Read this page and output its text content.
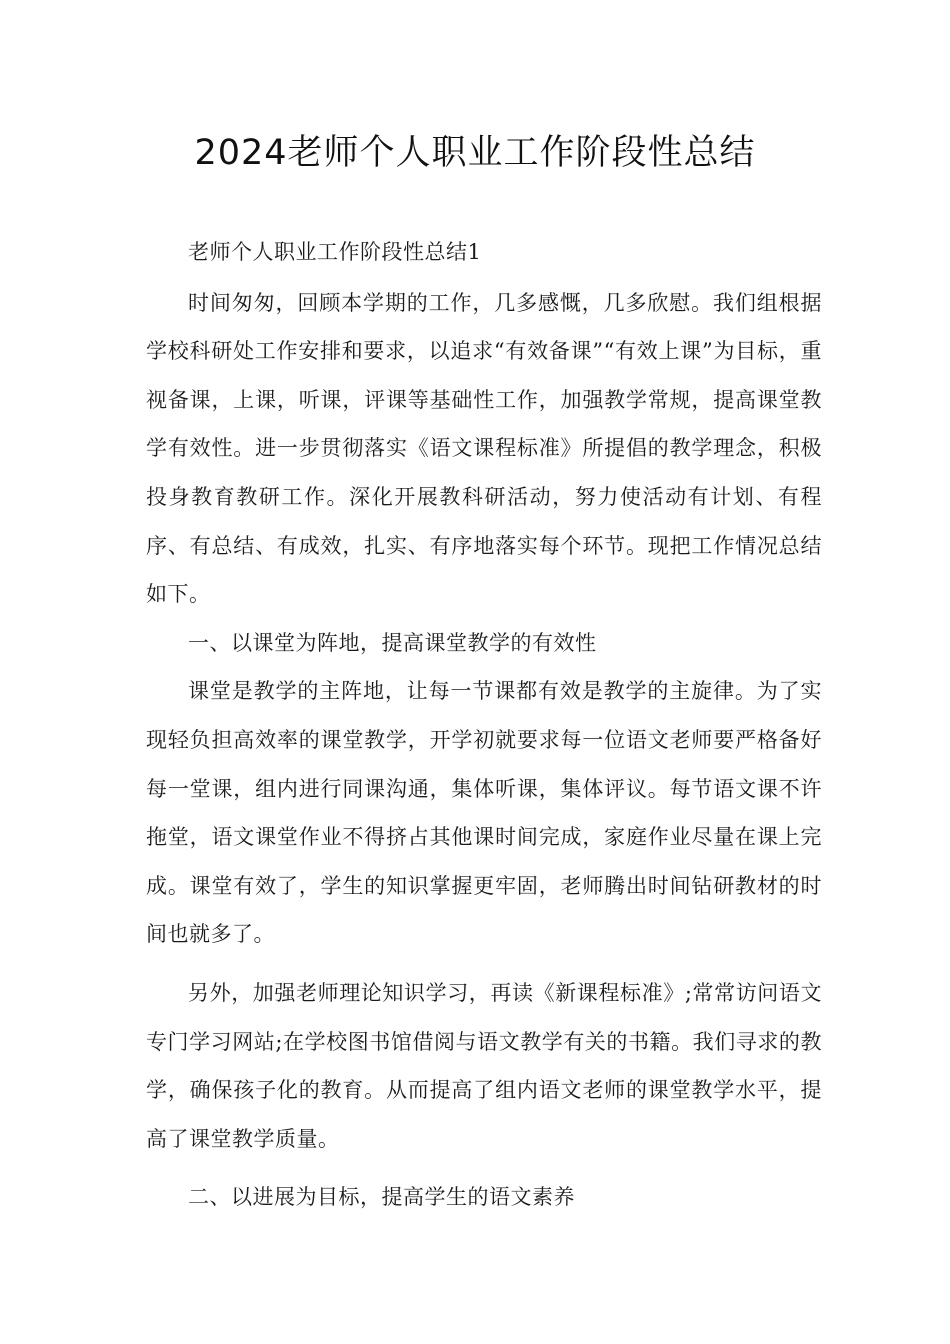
2024老师个人职业工作阶段性总结

老师个人职业工作阶段性总结1

时间匆匆，回顾本学期的工作，几多感慨，几多欣慰。我们组根据学校科研处工作安排和要求，以追求“有效备课”“有效上课”为目标，重视备课，上课，听课，评课等基础性工作，加强教学常规，提高课堂教学有效性。进一步贯彻落实《语文课程标准》所提倡的教学理念，积极投身教育教研工作。深化开展教科研活动，努力使活动有计划、有程序、有总结、有成效，扎实、有序地落实每个环节。现把工作情况总结如下。

一、以课堂为阵地，提高课堂教学的有效性

课堂是教学的主阵地，让每一节课都有效是教学的主旋律。为了实现轻负担高效率的课堂教学，开学初就要求每一位语文老师要严格备好每一堂课，组内进行同课沟通，集体听课，集体评议。每节语文课不许拖堂，语文课堂作业不得挤占其他课时间完成，家庭作业尽量在课上完成。课堂有效了，学生的知识掌握更牢固，老师腾出时间钻研教材的时间也就多了。

另外，加强老师理论知识学习，再读《新课程标准》;常常访问语文专门学习网站;在学校图书馆借阅与语文教学有关的书籍。我们寻求的教学，确保孩子化的教育。从而提高了组内语文老师的课堂教学水平，提高了课堂教学质量。

二、以进展为目标，提高学生的语文素养
